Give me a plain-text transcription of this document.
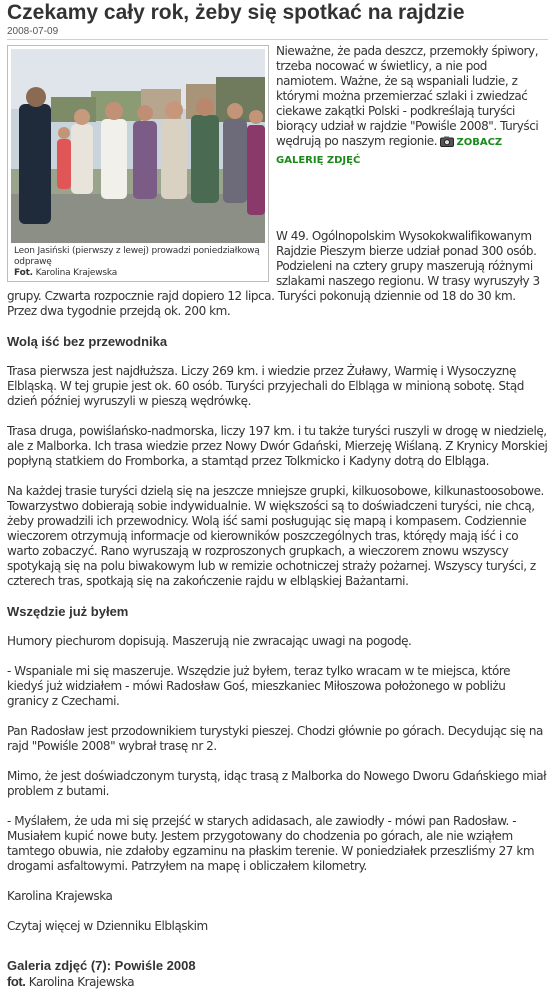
Czekamy cały rok, żeby się spotkać na rajdzie
2008-07-09
Leon Jasiński (pierwszy z lewej) prowadzi poniedziałkową odprawę
Fot. Karolina Krajewska

Nieważne, że pada deszcz, przemokły śpiwory, trzeba nocować w świetlicy, a nie pod namiotem. Ważne, że są wspaniali ludzie, z którymi można przemierzać szlaki i zwiedzać ciekawe zakątki Polski - podkreślają turyści biorący udział w rajdzie "Powiśle 2008". Turyści wędrują po naszym regionie. ZOBACZ GALERIĘ ZDJĘĆ

W 49. Ogólnopolskim Wysokokwalifikowanym Rajdzie Pieszym bierze udział ponad 300 osób. Podzieleni na cztery grupy maszerują różnymi szlakami naszego regionu. W trasy wyruszyły 3 grupy. Czwarta rozpocznie rajd dopiero 12 lipca. Turyści pokonują dziennie od 18 do 30 km. Przez dwa tygodnie przejdą ok. 200 km.

Wolą iść bez przewodnika

Trasa pierwsza jest najdłuższa. Liczy 269 km. i wiedzie przez Żuławy, Warmię i Wysoczyznę Elbląską. W tej grupie jest ok. 60 osób. Turyści przyjechali do Elbląga w minioną sobotę. Stąd dzień później wyruszyli w pieszą wędrówkę.

Trasa druga, powiślańsko-nadmorska, liczy 197 km. i tu także turyści ruszyli w drogę w niedzielę, ale z Malborka. Ich trasa wiedzie przez Nowy Dwór Gdański, Mierzeję Wiślaną. Z Krynicy Morskiej popłyną statkiem do Fromborka, a stamtąd przez Tolkmicko i Kadyny dotrą do Elbląga.

Na każdej trasie turyści dzielą się na jeszcze mniejsze grupki, kilkuosobowe, kilkunastoosobowe. Towarzystwo dobierają sobie indywidualnie. W większości są to doświadczeni turyści, nie chcą, żeby prowadzili ich przewodnicy. Wolą iść sami posługując się mapą i kompasem. Codziennie wieczorem otrzymują informacje od kierowników poszczególnych tras, którędy mają iść i co warto zobaczyć. Rano wyruszają w rozproszonych grupkach, a wieczorem znowu wszyscy spotykają się na polu biwakowym lub w remizie ochotniczej straży pożarnej. Wszyscy turyści, z czterech tras, spotkają się na zakończenie rajdu w elbląskiej Bażantarni.

Wszędzie już byłem

Humory piechurom dopisują. Maszerują nie zwracając uwagi na pogodę.

- Wspaniale mi się maszeruje. Wszędzie już byłem, teraz tylko wracam w te miejsca, które kiedyś już widziałem - mówi Radosław Goś, mieszkaniec Miłoszowa położonego w pobliżu granicy z Czechami.

Pan Radosław jest przodownikiem turystyki pieszej. Chodzi głównie po górach. Decydując się na rajd "Powiśle 2008" wybrał trasę nr 2.

Mimo, że jest doświadczonym turystą, idąc trasą z Malborka do Nowego Dworu Gdańskiego miał problem z butami.

- Myślałem, że uda mi się przejść w starych adidasach, ale zawiodły - mówi pan Radosław. - Musiałem kupić nowe buty. Jestem przygotowany do chodzenia po górach, ale nie wziąłem tamtego obuwia, nie zdałoby egzaminu na płaskim terenie. W poniedziałek przeszliśmy 27 km drogami asfaltowymi. Patrzyłem na mapę i obliczałem kilometry.

Karolina Krajewska

Czytaj więcej w Dzienniku Elbląskim

Galeria zdjęć (7): Powiśle 2008
fot. Karolina Krajewska
